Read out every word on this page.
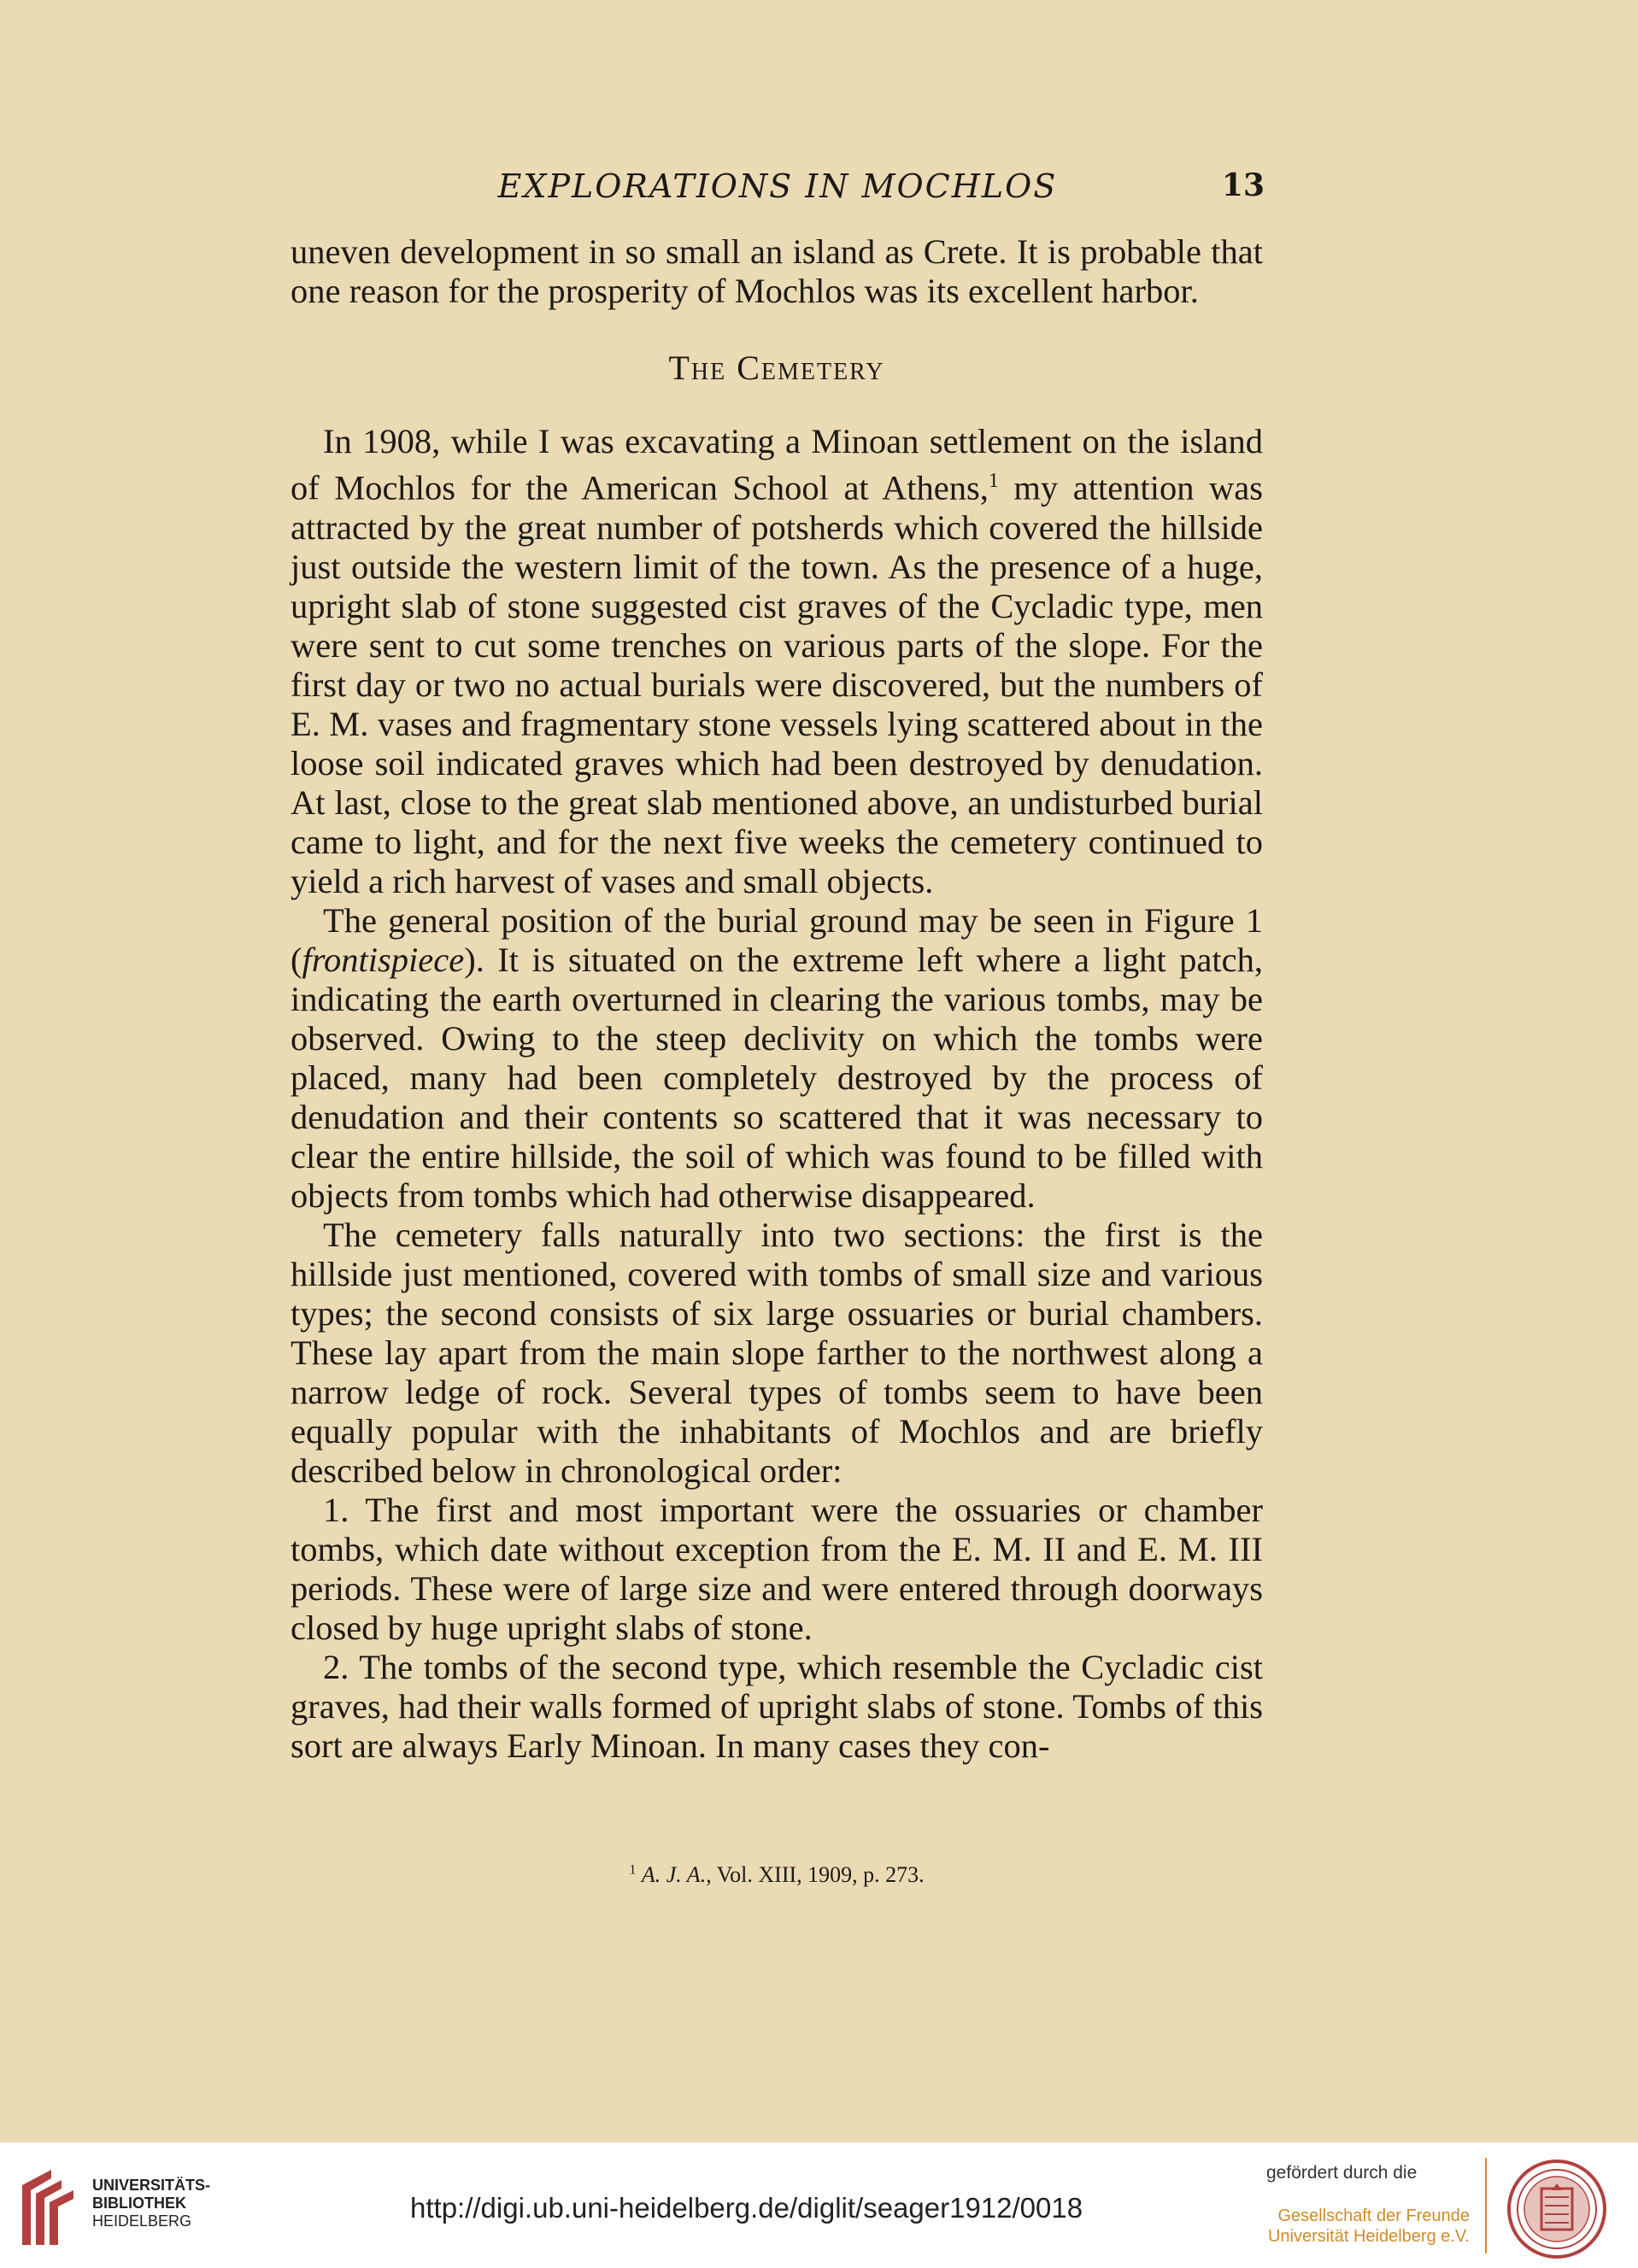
EXPLORATIONS IN MOCHLOS	13

uneven development in so small an island as Crete. It is probable that one reason for the prosperity of Mochlos was its excellent harbor.

The Cemetery

In 1908, while I was excavating a Minoan settlement on the island of Mochlos for the American School at Athens,$^1$ my attention was attracted by the great number of potsherds which covered the hillside just outside the western limit of the town. As the presence of a huge, upright slab of stone suggested cist graves of the Cycladic type, men were sent to cut some trenches on various parts of the slope. For the first day or two no actual burials were discovered, but the numbers of E. M. vases and fragmentary stone vessels lying scattered about in the loose soil indicated graves which had been destroyed by denudation. At last, close to the great slab mentioned above, an undisturbed burial came to light, and for the next five weeks the cemetery continued to yield a rich harvest of vases and small objects.

The general position of the burial ground may be seen in Figure 1 (frontispiece). It is situated on the extreme left where a light patch, indicating the earth overturned in clearing the various tombs, may be observed. Owing to the steep declivity on which the tombs were placed, many had been completely destroyed by the process of denudation and their contents so scattered that it was necessary to clear the entire hillside, the soil of which was found to be filled with objects from tombs which had otherwise disappeared.

The cemetery falls naturally into two sections: the first is the hillside just mentioned, covered with tombs of small size and various types; the second consists of six large ossuaries or burial chambers. These lay apart from the main slope farther to the northwest along a narrow ledge of rock. Several types of tombs seem to have been equally popular with the inhabitants of Mochlos and are briefly described below in chronological order:

1. The first and most important were the ossuaries or chamber tombs, which date without exception from the E. M. II and E. M. III periods. These were of large size and were entered through doorways closed by huge upright slabs of stone.

2. The tombs of the second type, which resemble the Cycladic cist graves, had their walls formed of upright slabs of stone. Tombs of this sort are always Early Minoan. In many cases they con-

$^1$ A. J. A., Vol. XIII, 1909, p. 273.
UNIVERSITÄTS-
BIBLIOTHEK
HEIDELBERG	http://digi.ub.uni-heidelberg.de/diglit/seager1912/0018
gefördert durch die
Gesellschaft der Freunde
Universität Heidelberg e.V.
